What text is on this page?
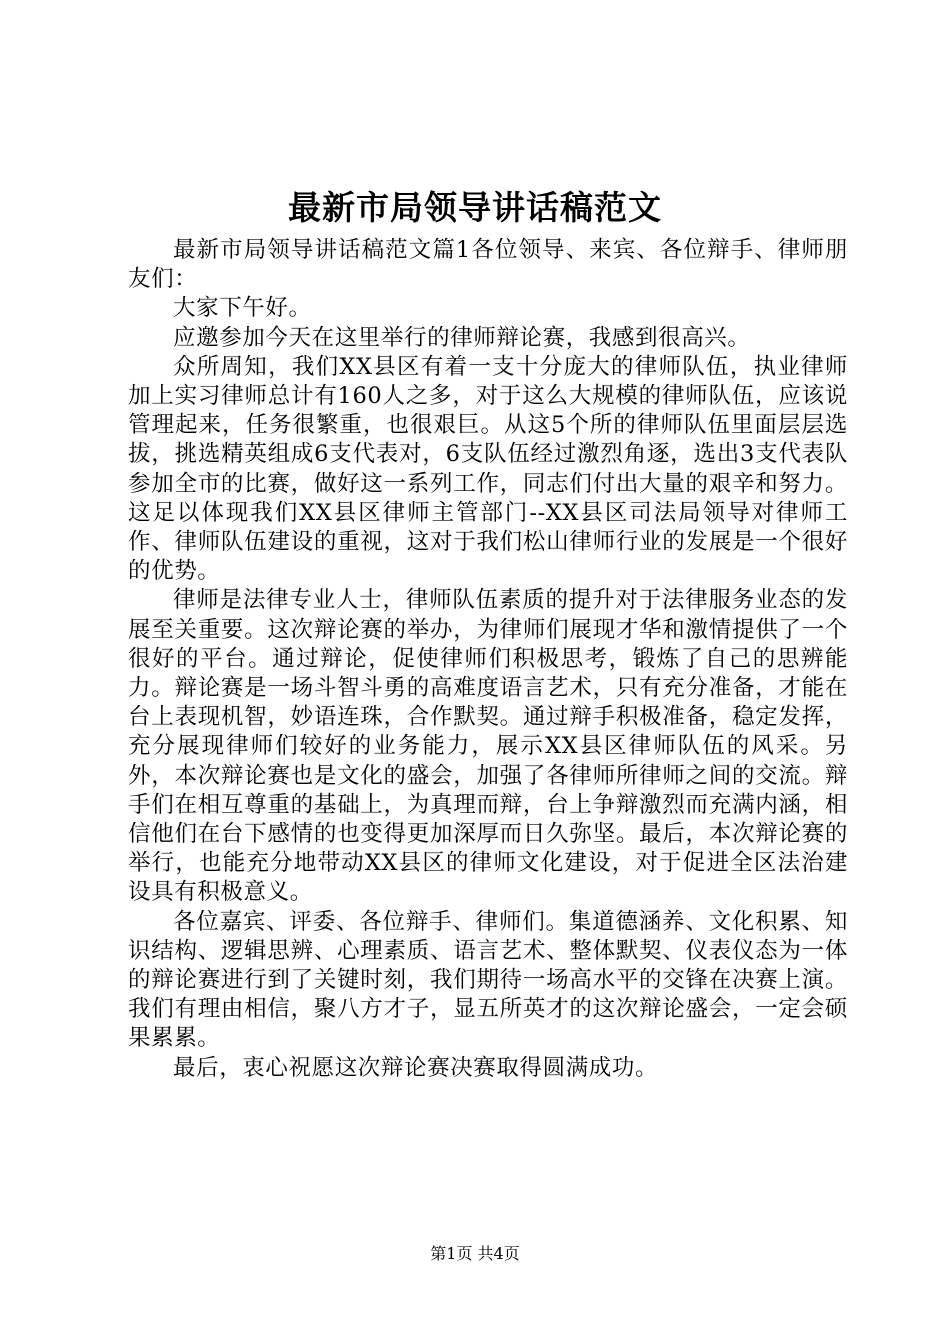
最新市局领导讲话稿范文

最新市局领导讲话稿范文篇1各位领导、来宾、各位辩手、律师朋友们：

大家下午好。

应邀参加今天在这里举行的律师辩论赛，我感到很高兴。

众所周知，我们XX县区有着一支十分庞大的律师队伍，执业律师加上实习律师总计有160人之多，对于这么大规模的律师队伍，应该说管理起来，任务很繁重，也很艰巨。从这5个所的律师队伍里面层层选拔，挑选精英组成6支代表对，6支队伍经过激烈角逐，选出3支代表队参加全市的比赛，做好这一系列工作，同志们付出大量的艰辛和努力。这足以体现我们XX县区律师主管部门--XX县区司法局领导对律师工作、律师队伍建设的重视，这对于我们松山律师行业的发展是一个很好的优势。

律师是法律专业人士，律师队伍素质的提升对于法律服务业态的发展至关重要。这次辩论赛的举办，为律师们展现才华和激情提供了一个很好的平台。通过辩论，促使律师们积极思考，锻炼了自己的思辨能力。辩论赛是一场斗智斗勇的高难度语言艺术，只有充分准备，才能在台上表现机智，妙语连珠，合作默契。通过辩手积极准备，稳定发挥，充分展现律师们较好的业务能力，展示XX县区律师队伍的风采。另外，本次辩论赛也是文化的盛会，加强了各律师所律师之间的交流。辩手们在相互尊重的基础上，为真理而辩，台上争辩激烈而充满内涵，相信他们在台下感情的也变得更加深厚而日久弥坚。最后，本次辩论赛的举行，也能充分地带动XX县区的律师文化建设，对于促进全区法治建设具有积极意义。

各位嘉宾、评委、各位辩手、律师们。集道德涵养、文化积累、知识结构、逻辑思辨、心理素质、语言艺术、整体默契、仪表仪态为一体的辩论赛进行到了关键时刻，我们期待一场高水平的交锋在决赛上演。我们有理由相信，聚八方才子，显五所英才的这次辩论盛会，一定会硕果累累。

最后，衷心祝愿这次辩论赛决赛取得圆满成功。

第1页 共4页
